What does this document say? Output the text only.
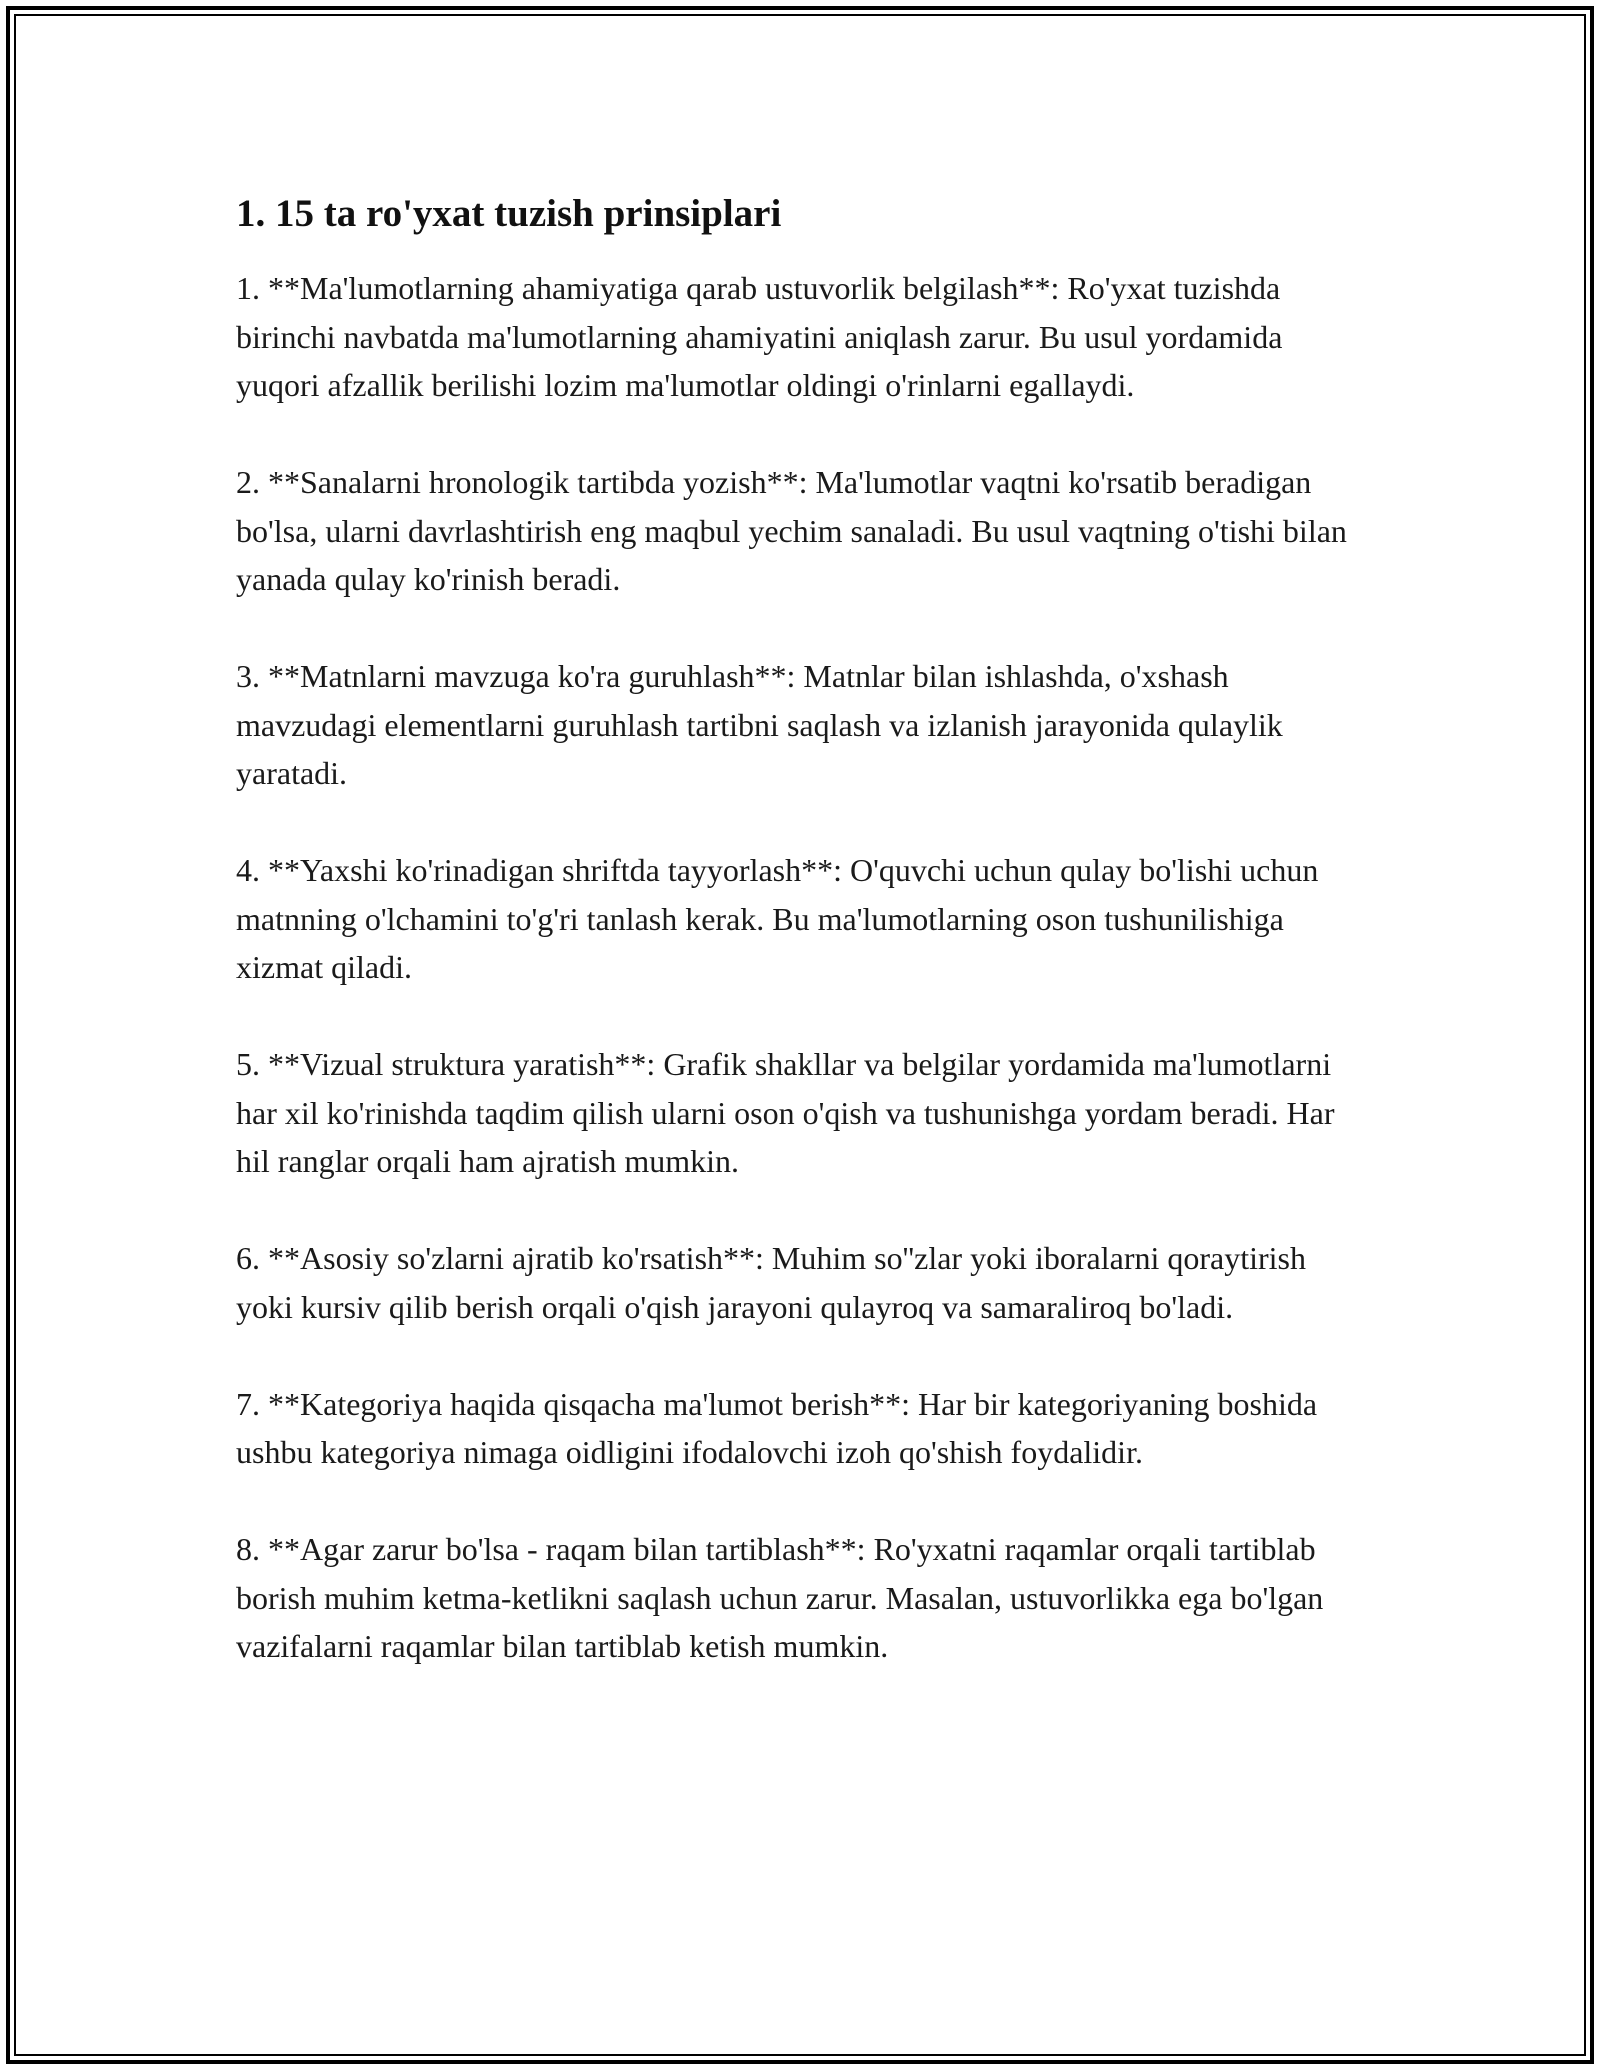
1. 15 ta ro'yxat tuzish prinsiplari
1. **Ma'lumotlarning ahamiyatiga qarab ustuvorlik belgilash**: Ro'yxat tuzishda birinchi navbatda ma'lumotlarning ahamiyatini aniqlash zarur. Bu usul yordamida yuqori afzallik berilishi lozim ma'lumotlar oldingi o'rinlarni egallaydi.
2. **Sanalarni hronologik tartibda yozish**: Ma'lumotlar vaqtni ko'rsatib beradigan bo'lsa, ularni davrlashtirish eng maqbul yechim sanaladi. Bu usul vaqtning o'tishi bilan yanada qulay ko'rinish beradi.
3. **Matnlarni mavzuga ko'ra guruhlash**: Matnlar bilan ishlashda, o'xshash mavzudagi elementlarni guruhlash tartibni saqlash va izlanish jarayonida qulaylik yaratadi.
4. **Yaxshi ko'rinadigan shriftda tayyorlash**: O'quvchi uchun qulay bo'lishi uchun matnning o'lchamini to'g'ri tanlash kerak. Bu ma'lumotlarning oson tushunilishiga xizmat qiladi.
5. **Vizual struktura yaratish**: Grafik shakllar va belgilar yordamida ma'lumotlarni har xil ko'rinishda taqdim qilish ularni oson o'qish va tushunishga yordam beradi. Har hil ranglar orqali ham ajratish mumkin.
6. **Asosiy so'zlarni ajratib ko'rsatish**: Muhim so''zlar yoki iboralarni qoraytirish yoki kursiv qilib berish orqali o'qish jarayoni qulayroq va samaraliroq bo'ladi.
7. **Kategoriya haqida qisqacha ma'lumot berish**: Har bir kategoriyaning boshida ushbu kategoriya nimaga oidligini ifodalovchi izoh qo'shish foydalidir.
8. **Agar zarur bo'lsa - raqam bilan tartiblash**: Ro'yxatni raqamlar orqali tartiblab borish muhim ketma-ketlikni saqlash uchun zarur. Masalan, ustuvorlikka ega bo'lgan vazifalarni raqamlar bilan tartiblab ketish mumkin.
